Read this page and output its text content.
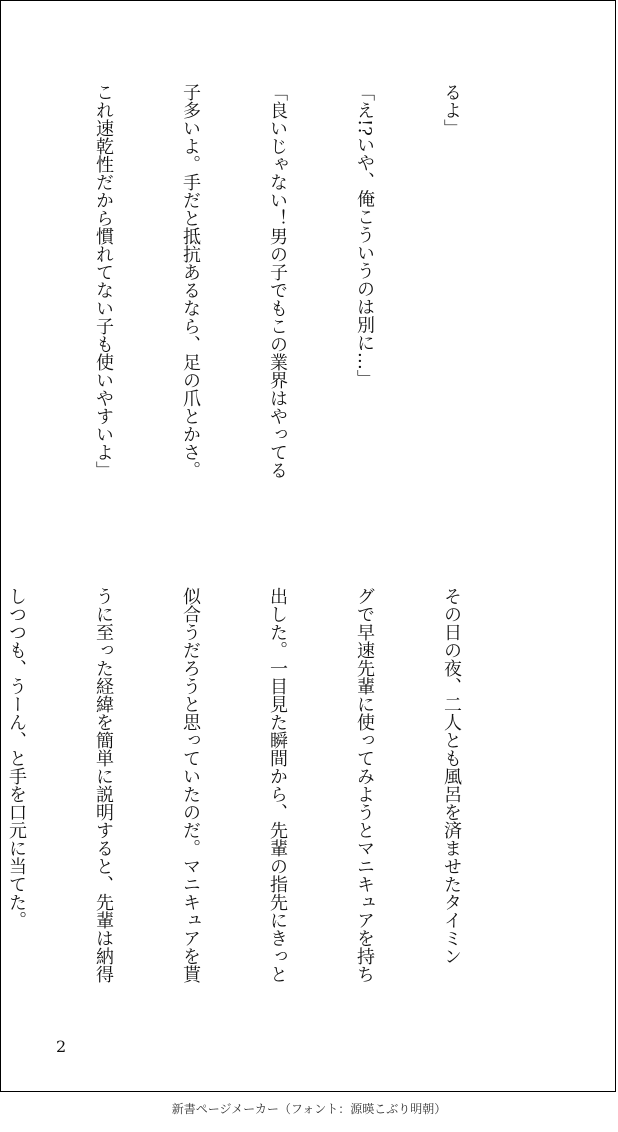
るよ」

「え!?いや、俺こういうのは別に…」

「良いじゃない！男の子でもこの業界はやってる

子多いよ。手だと抵抗あるなら、足の爪とかさ。

これ速乾性だから慣れてない子も使いやすいよ」

その日の夜、二人とも風呂を済ませたタイミン

グで早速先輩に使ってみようとマニキュアを持ち

出した。一目見た瞬間から、先輩の指先にきっと

似合うだろうと思っていたのだ。マニキュアを貰

うに至った経緯を簡単に説明すると、先輩は納得

しつつも、うーん、と手を口元に当てた。

2
新書ページメーカー（フォント：源暎こぶり明朝）
